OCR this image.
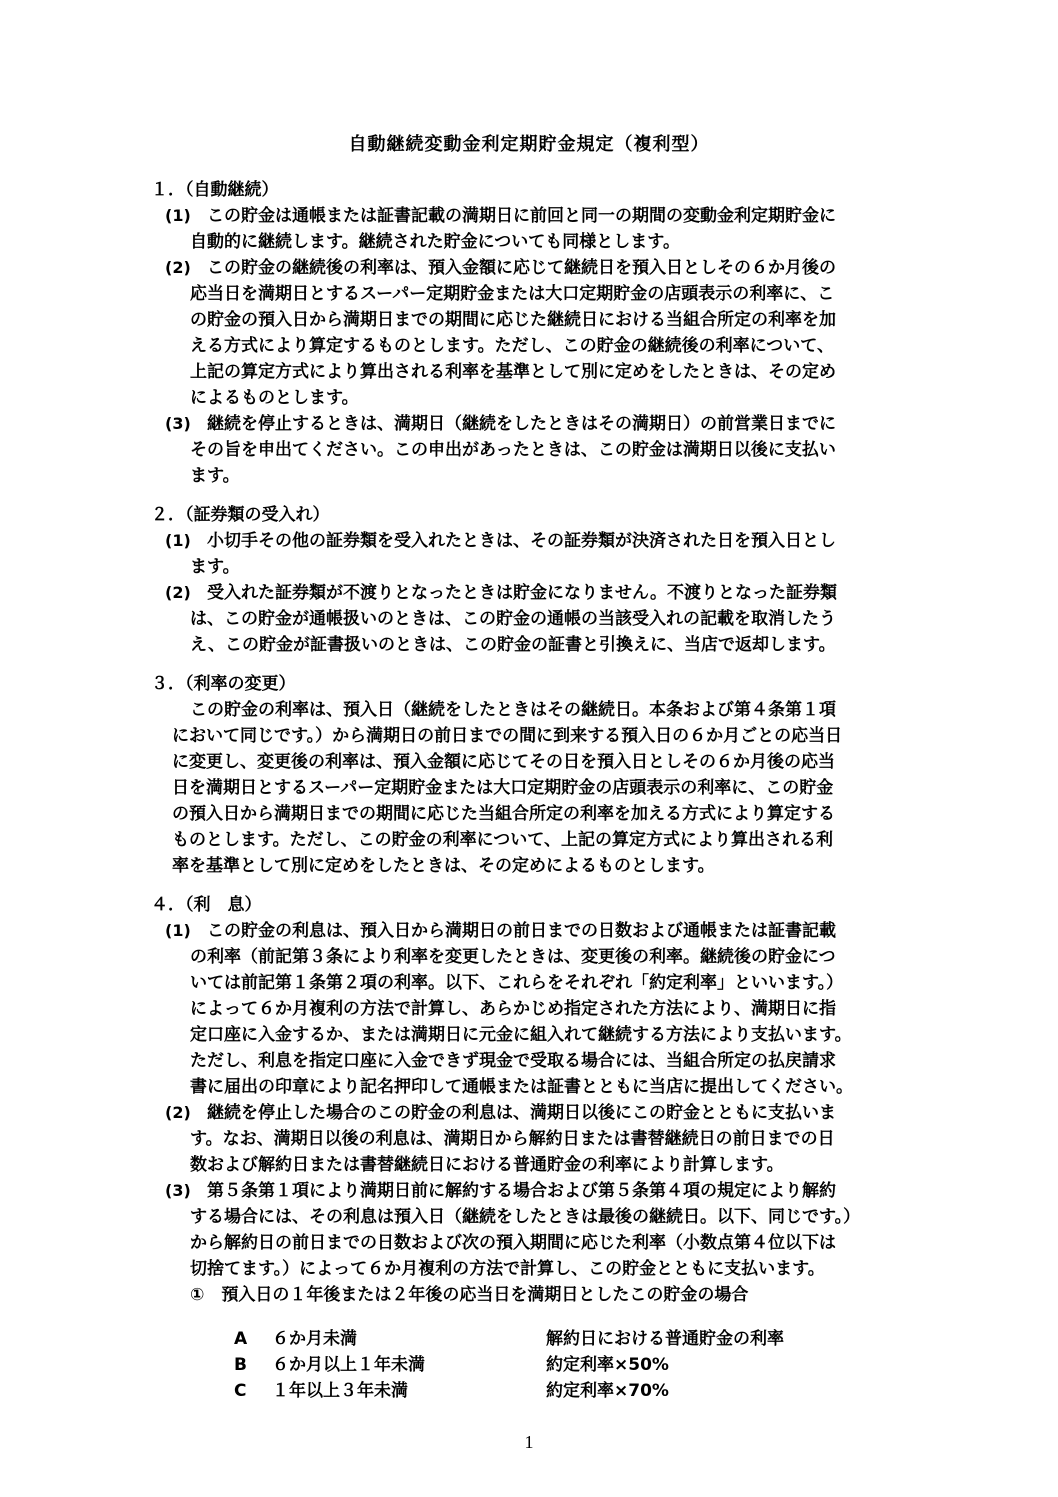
自動継続変動金利定期貯金規定（複利型）
１．（自動継続）
(1) この貯金は通帳または証書記載の満期日に前回と同一の期間の変動金利定期貯金に
自動的に継続します。継続された貯金についても同様とします。
(2) この貯金の継続後の利率は、預入金額に応じて継続日を預入日としその６か月後の
応当日を満期日とするスーパー定期貯金または大口定期貯金の店頭表示の利率に、こ
の貯金の預入日から満期日までの期間に応じた継続日における当組合所定の利率を加
える方式により算定するものとします。ただし、この貯金の継続後の利率について、
上記の算定方式により算出される利率を基準として別に定めをしたときは、その定め
によるものとします。
(3) 継続を停止するときは、満期日（継続をしたときはその満期日）の前営業日までに
その旨を申出てください。この申出があったときは、この貯金は満期日以後に支払い
ます。
２．（証券類の受入れ）
(1) 小切手その他の証券類を受入れたときは、その証券類が決済された日を預入日とし
ます。
(2) 受入れた証券類が不渡りとなったときは貯金になりません。不渡りとなった証券類
は、この貯金が通帳扱いのときは、この貯金の通帳の当該受入れの記載を取消したう
え、この貯金が証書扱いのときは、この貯金の証書と引換えに、当店で返却します。
３．（利率の変更）
この貯金の利率は、預入日（継続をしたときはその継続日。本条および第４条第１項
において同じです。）から満期日の前日までの間に到来する預入日の６か月ごとの応当日
に変更し、変更後の利率は、預入金額に応じてその日を預入日としその６か月後の応当
日を満期日とするスーパー定期貯金または大口定期貯金の店頭表示の利率に、この貯金
の預入日から満期日までの期間に応じた当組合所定の利率を加える方式により算定する
ものとします。ただし、この貯金の利率について、上記の算定方式により算出される利
率を基準として別に定めをしたときは、その定めによるものとします。
４．（利　息）
(1) この貯金の利息は、預入日から満期日の前日までの日数および通帳または証書記載
の利率（前記第３条により利率を変更したときは、変更後の利率。継続後の貯金につ
いては前記第１条第２項の利率。以下、これらをそれぞれ「約定利率」といいます。）
によって６か月複利の方法で計算し、あらかじめ指定された方法により、満期日に指
定口座に入金するか、または満期日に元金に組入れて継続する方法により支払います。
ただし、利息を指定口座に入金できず現金で受取る場合には、当組合所定の払戻請求
書に届出の印章により記名押印して通帳または証書とともに当店に提出してください。
(2) 継続を停止した場合のこの貯金の利息は、満期日以後にこの貯金とともに支払いま
す。なお、満期日以後の利息は、満期日から解約日または書替継続日の前日までの日
数および解約日または書替継続日における普通貯金の利率により計算します。
(3) 第５条第１項により満期日前に解約する場合および第５条第４項の規定により解約
する場合には、その利息は預入日（継続をしたときは最後の継続日。以下、同じです。）
から解約日の前日までの日数および次の預入期間に応じた利率（小数点第４位以下は
切捨てます。）によって６か月複利の方法で計算し、この貯金とともに支払います。
①　預入日の１年後または２年後の応当日を満期日としたこの貯金の場合
A ６か月未満	解約日における普通貯金の利率
B ６か月以上１年未満	約定利率×50%
C １年以上３年未満	約定利率×70%
1
